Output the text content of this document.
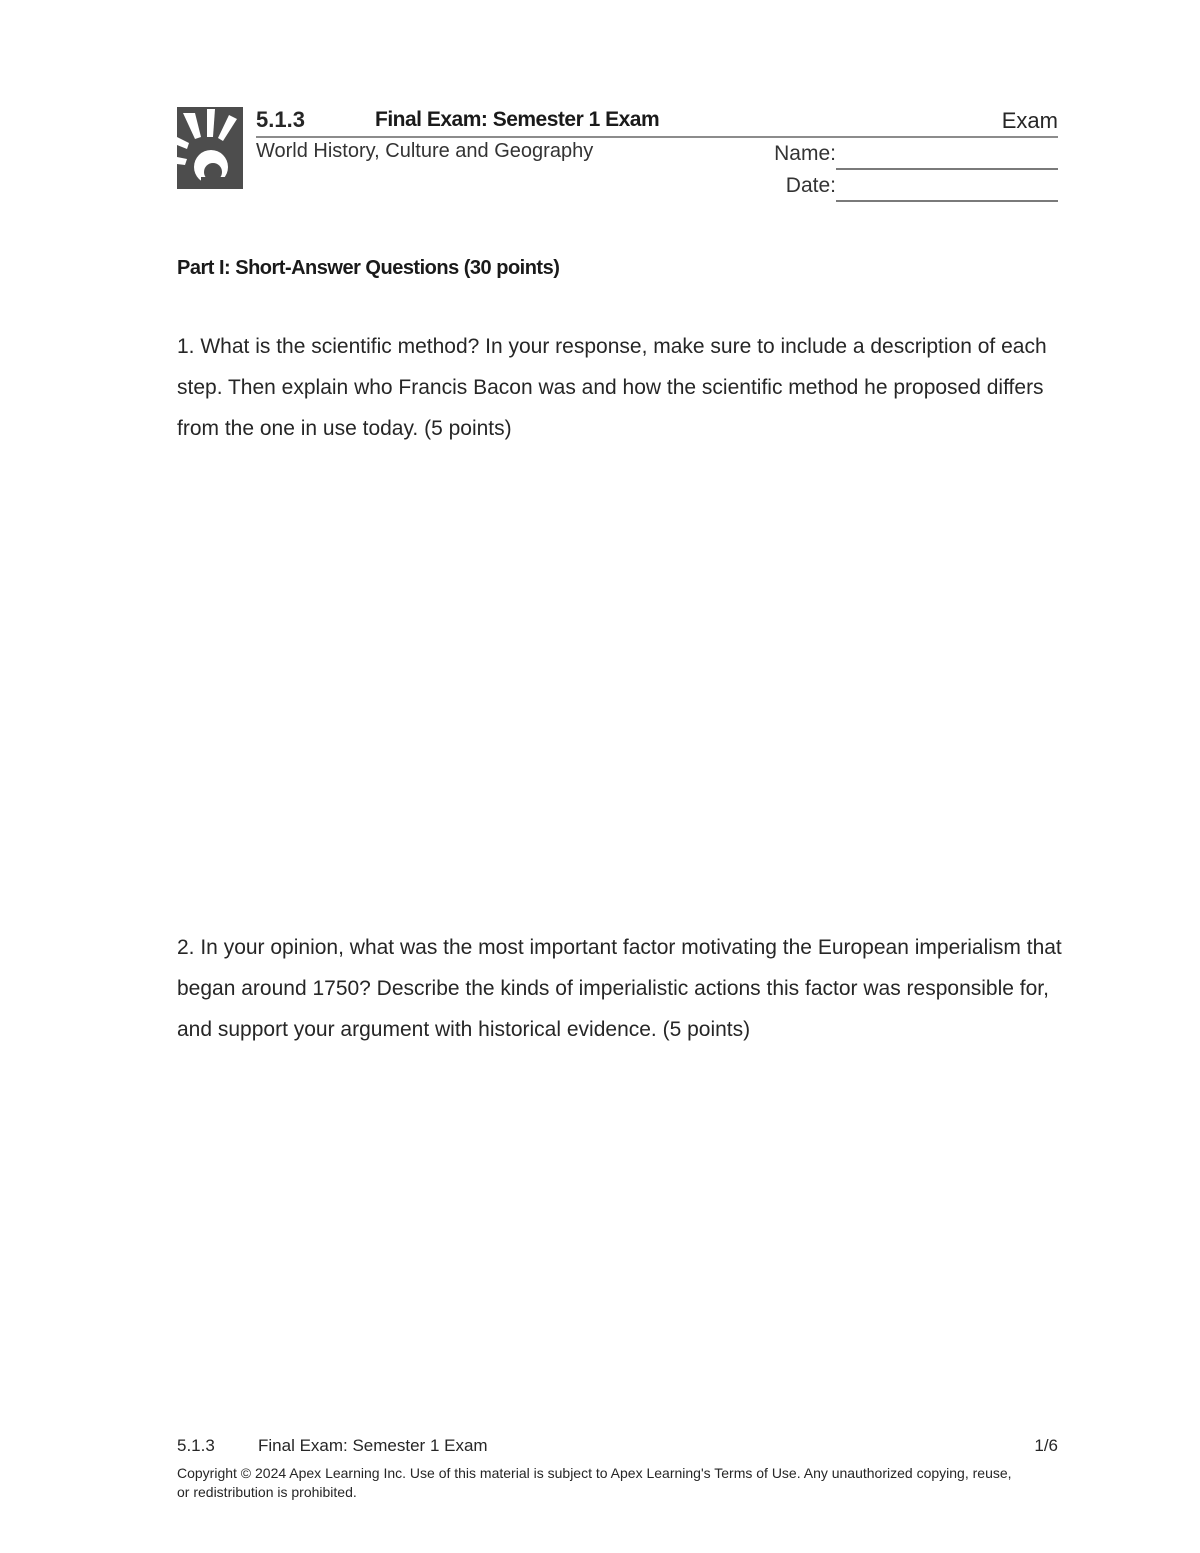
5.1.3	Final Exam: Semester 1 Exam	Exam
World History, Culture and Geography	Name:
Date:
Part I: Short-Answer Questions (30 points)
1. What is the scientific method? In your response, make sure to include a description of each step. Then explain who Francis Bacon was and how the scientific method he proposed differs from the one in use today. (5 points)
2. In your opinion, what was the most important factor motivating the European imperialism that began around 1750? Describe the kinds of imperialistic actions this factor was responsible for, and support your argument with historical evidence. (5 points)
5.1.3	Final Exam: Semester 1 Exam	1/6
Copyright © 2024 Apex Learning Inc. Use of this material is subject to Apex Learning's Terms of Use. Any unauthorized copying, reuse, or redistribution is prohibited.
